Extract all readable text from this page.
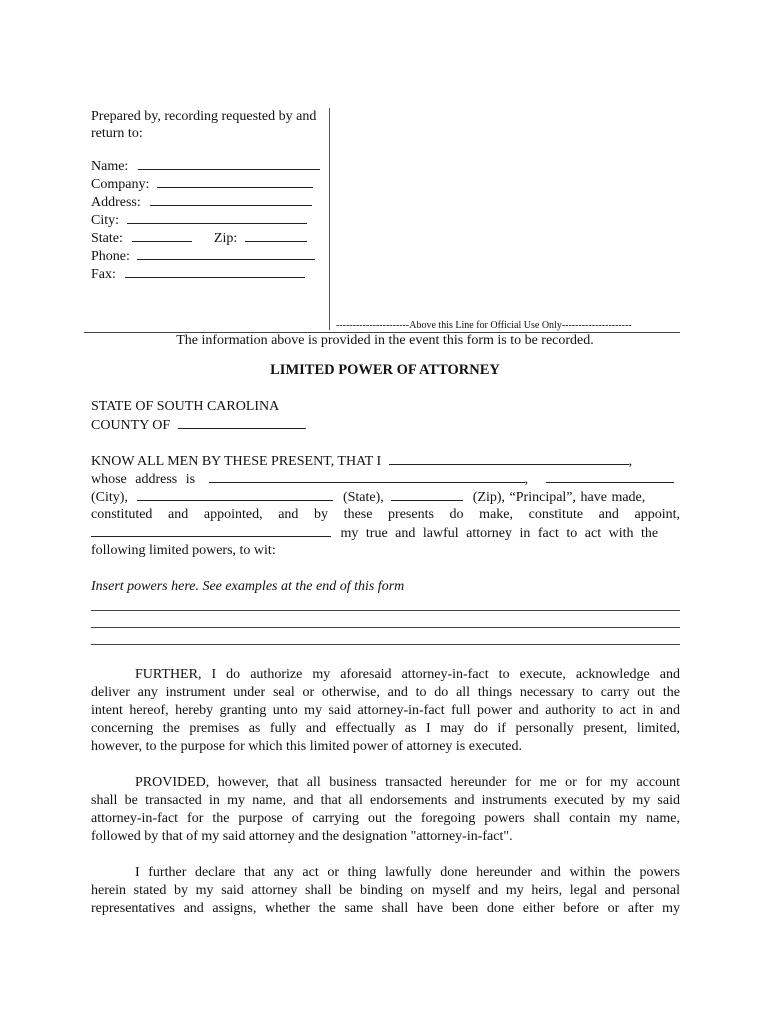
Prepared by, recording requested by and
return to:
Name:
Company:
Address:
City:
State:	Zip:
Phone:
Fax:
----------------------Above this Line for Official Use Only---------------------
The information above is provided in the event this form is to be recorded.
LIMITED POWER OF ATTORNEY
STATE OF SOUTH CAROLINA
COUNTY OF
KNOW ALL MEN BY THESE PRESENT, THAT I	,
whose address is	,
(City),	(State),	(Zip), “Principal”, have made,
constituted and appointed, and by these presents do make, constitute and appoint,
my true and lawful attorney in fact to act with the
following limited powers, to wit:
Insert powers here. See examples at the end of this form
FURTHER, I do authorize my aforesaid attorney-in-fact to execute, acknowledge and
deliver any instrument under seal or otherwise, and to do all things necessary to carry out the
intent hereof, hereby granting unto my said attorney-in-fact full power and authority to act in and
concerning the premises as fully and effectually as I may do if personally present, limited,
however, to the purpose for which this limited power of attorney is executed.
PROVIDED, however, that all business transacted hereunder for me or for my account
shall be transacted in my name, and that all endorsements and instruments executed by my said
attorney-in-fact for the purpose of carrying out the foregoing powers shall contain my name,
followed by that of my said attorney and the designation "attorney-in-fact".
I further declare that any act or thing lawfully done hereunder and within the powers
herein stated by my said attorney shall be binding on myself and my heirs, legal and personal
representatives and assigns, whether the same shall have been done either before or after my
